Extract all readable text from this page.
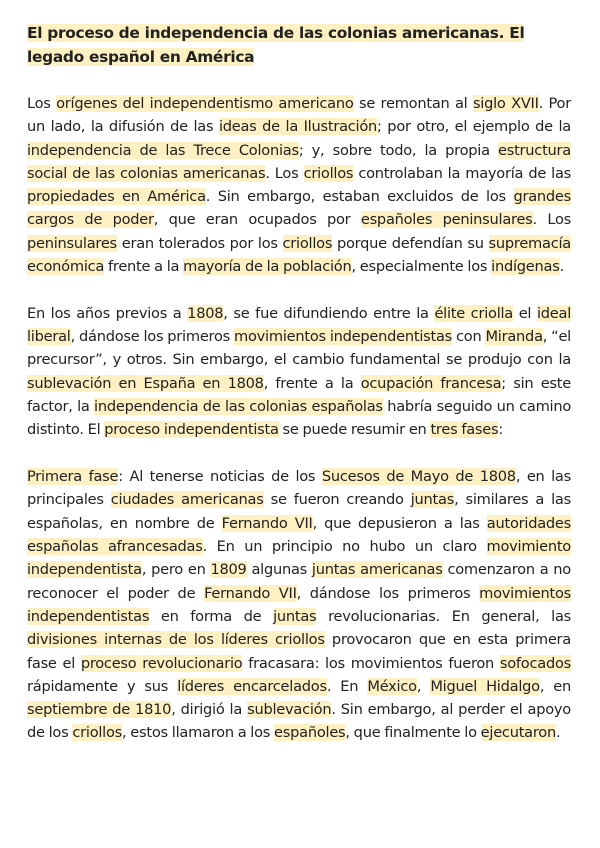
El proceso de independencia de las colonias americanas. El legado español en América

Los orígenes del independentismo americano se remontan al siglo XVII. Por un lado, la difusión de las ideas de la Ilustración; por otro, el ejemplo de la independencia de las Trece Colonias; y, sobre todo, la propia estructura social de las colonias americanas. Los criollos controlaban la mayoría de las propiedades en América. Sin embargo, estaban excluidos de los grandes cargos de poder, que eran ocupados por españoles peninsulares. Los peninsulares eran tolerados por los criollos porque defendían su supremacía económica frente a la mayoría de la población, especialmente los indígenas.

En los años previos a 1808, se fue difundiendo entre la élite criolla el ideal liberal, dándose los primeros movimientos independentistas con Miranda, “el precursor”, y otros. Sin embargo, el cambio fundamental se produjo con la sublevación en España en 1808, frente a la ocupación francesa; sin este factor, la independencia de las colonias españolas habría seguido un camino distinto. El proceso independentista se puede resumir en tres fases:

Primera fase: Al tenerse noticias de los Sucesos de Mayo de 1808, en las principales ciudades americanas se fueron creando juntas, similares a las españolas, en nombre de Fernando VII, que depusieron a las autoridades españolas afrancesadas. En un principio no hubo un claro movimiento independentista, pero en 1809 algunas juntas americanas comenzaron a no reconocer el poder de Fernando VII, dándose los primeros movimientos independentistas en forma de juntas revolucionarias. En general, las divisiones internas de los líderes criollos provocaron que en esta primera fase el proceso revolucionario fracasara: los movimientos fueron sofocados rápidamente y sus líderes encarcelados. En México, Miguel Hidalgo, en septiembre de 1810, dirigió la sublevación. Sin embargo, al perder el apoyo de los criollos, estos llamaron a los españoles, que finalmente lo ejecutaron.
